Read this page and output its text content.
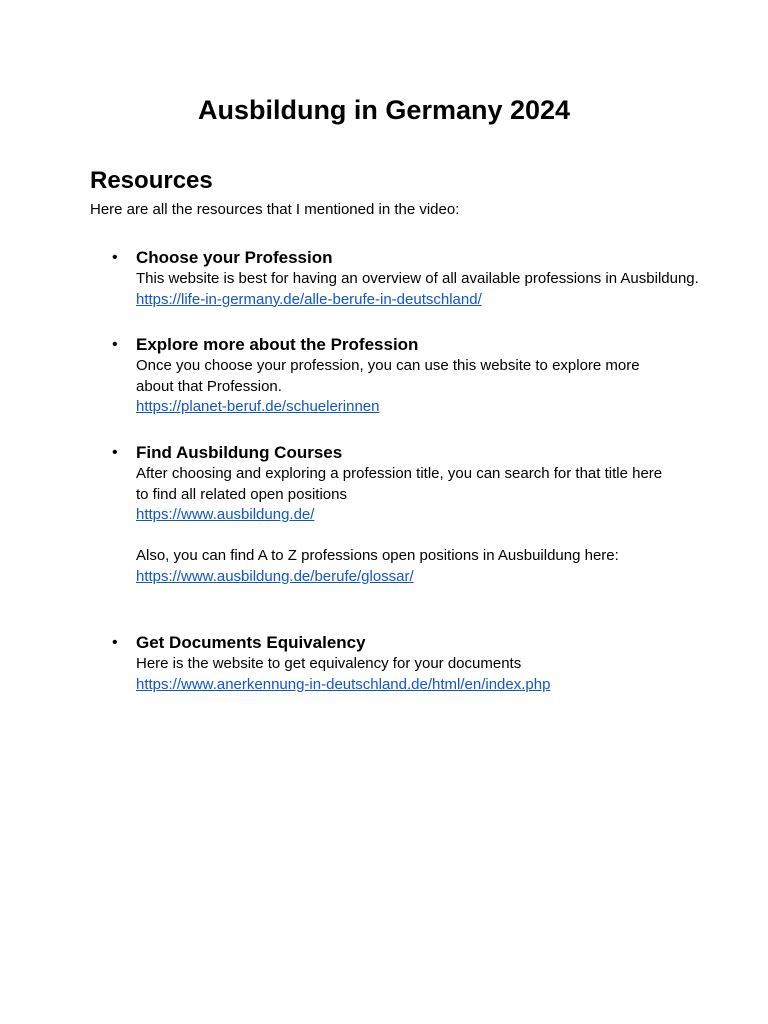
Ausbildung in Germany 2024
Resources

Here are all the resources that I mentioned in the video:

• Choose your Profession

This website is best for having an overview of all available professions in Ausbildung.

https://life-in-germany.de/alle-berufe-in-deutschland/

• Explore more about the Profession

Once you choose your profession, you can use this website to explore more

about that Profession.

https://planet-beruf.de/schuelerinnen

• Find Ausbildung Courses

After choosing and exploring a profession title, you can search for that title here

to find all related open positions

https://www.ausbildung.de/

Also, you can find A to Z professions open positions in Ausbuildung here:

https://www.ausbildung.de/berufe/glossar/

• Get Documents Equivalency

Here is the website to get equivalency for your documents

https://www.anerkennung-in-deutschland.de/html/en/index.php
